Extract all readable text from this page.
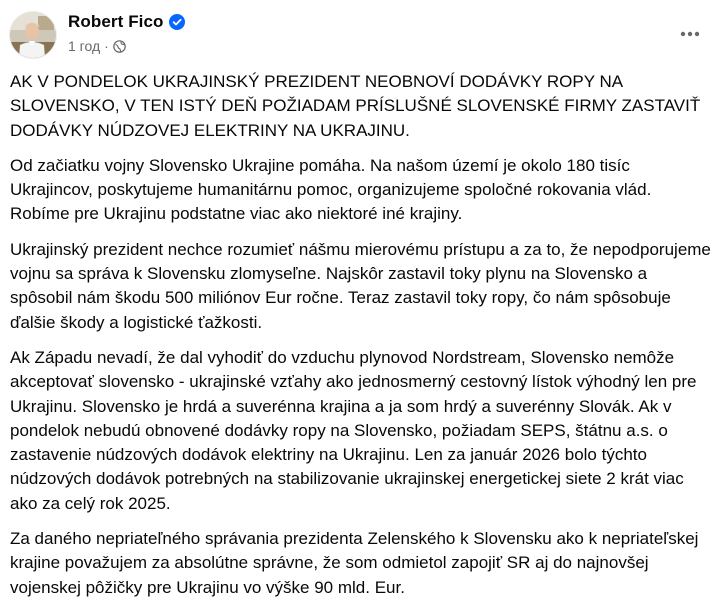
Robert Fico
1 год ·

AK V PONDELOK UKRAJINSKÝ PREZIDENT NEOBNOVÍ DODÁVKY ROPY NA SLOVENSKO, V TEN ISTÝ DEŇ POŽIADAM PRÍSLUŠNÉ SLOVENSKÉ FIRMY ZASTAVIŤ DODÁVKY NÚDZOVEJ ELEKTRINY NA UKRAJINU.

Od začiatku vojny Slovensko Ukrajine pomáha. Na našom území je okolo 180 tisíc Ukrajincov, poskytujeme humanitárnu pomoc, organizujeme spoločné rokovania vlád. Robíme pre Ukrajinu podstatne viac ako niektoré iné krajiny.

Ukrajinský prezident nechce rozumieť nášmu mierovému prístupu a za to, že nepodporujeme vojnu sa správa k Slovensku zlomyseľne. Najskôr zastavil toky plynu na Slovensko a spôsobil nám škodu 500 miliónov Eur ročne. Teraz zastavil toky ropy, čo nám spôsobuje ďalšie škody a logistické ťažkosti.

Ak Západu nevadí, že dal vyhodiť do vzduchu plynovod Nordstream, Slovensko nemôže akceptovať slovensko - ukrajinské vzťahy ako jednosmerný cestovný lístok výhodný len pre Ukrajinu. Slovensko je hrdá a suverénna krajina a ja som hrdý a suverénny Slovák. Ak v pondelok nebudú obnovené dodávky ropy na Slovensko, požiadam SEPS, štátnu a.s. o zastavenie núdzových dodávok elektriny na Ukrajinu. Len za január 2026 bolo týchto núdzových dodávok potrebných na stabilizovanie ukrajinskej energetickej siete 2 krát viac ako za celý rok 2025.

Za daného nepriateľného správania prezidenta Zelenského k Slovensku ako k nepriateľskej krajine považujem za absolútne správne, že som odmietol zapojiť SR aj do najnovšej vojenskej pôžičky pre Ukrajinu vo výške 90 mld. Eur.
